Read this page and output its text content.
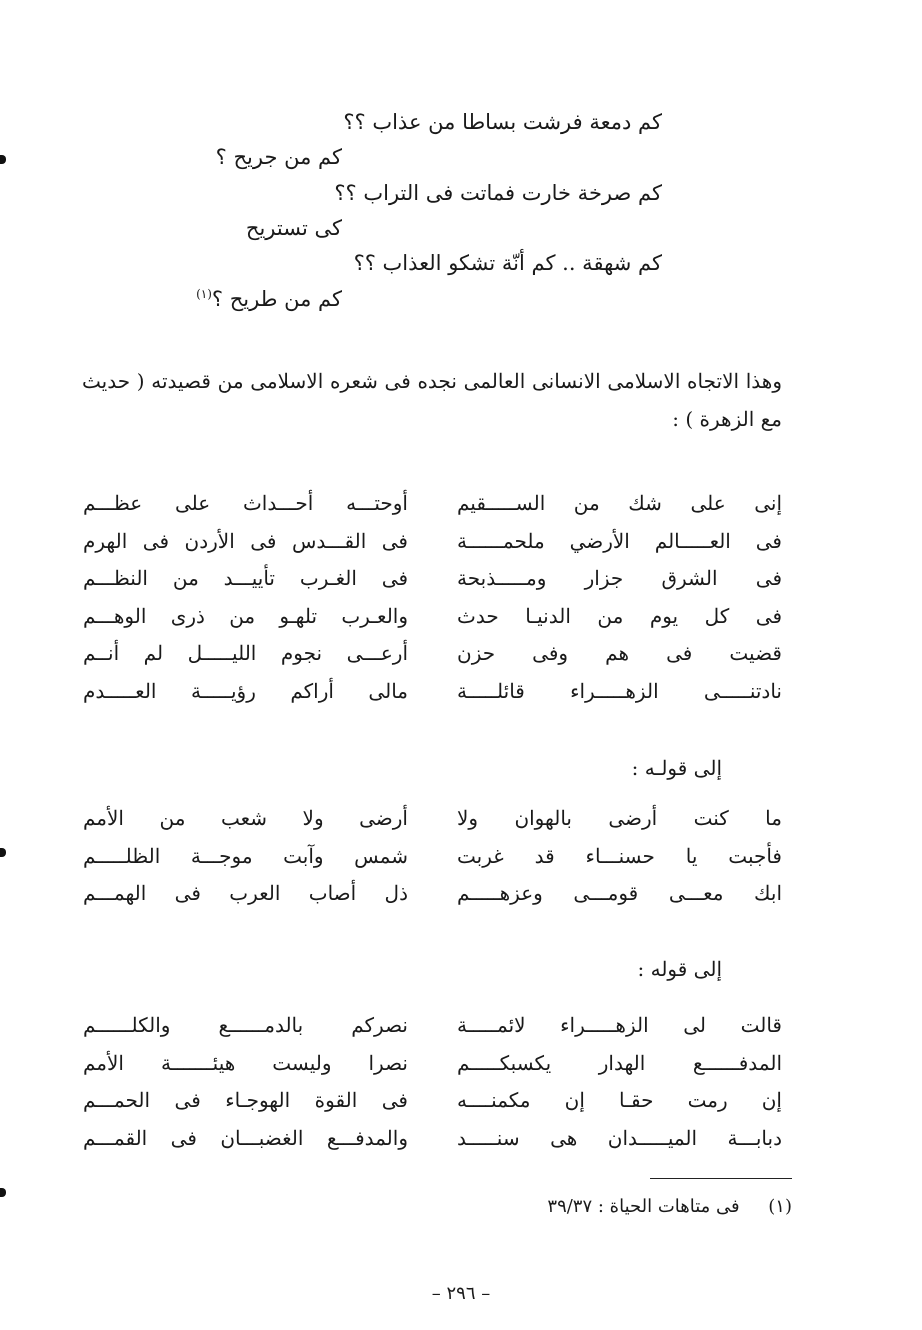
كم دمعة فرشت بساطا من عذاب ؟؟
كم من جريح ؟
كم صرخة خارت فماتت فى التراب ؟؟
كى تستريح
كم شهقة .. كم أنّة تشكو العذاب ؟؟
كم من طريح ؟$^{(١)}$
وهذا الاتجاه الاسلامى الانسانى العالمى نجده فى شعره الاسلامى من قصيدته ( حديث مع الزهرة ) :
إنى على شك من الســـــقيم
أوحتـــه أحـــداث على عظـــم
فى العـــــالم الأرضي ملحمــــــة
فى القـــدس فى الأردن فى الهرم
فى الشرق جزار ومـــــذبحة
فى الغـرب تأييـــد من النظـــم
فى كل يوم من الدنيـا حدث
والعـرب تلهـو من ذرى الوهـــم
قضيت فى هم وفى حزن
أرعـــى نجوم الليـــــل لم أنــم
نادتنـــــى الزهـــــراء قائلـــــة
مالى أراكم رؤيـــــة العـــــدم
إلى قولـه :
ما كنت أرضى بالهوان ولا
أرضى ولا شعب من الأمم
فأجبت يا حسنـــاء قد غربت
شمس وآبت موجـــة الظلـــــم
ابك معـــى قومـــى وعزهـــــم
ذل أصاب العرب فى الهمـــم
إلى قوله :
قالت لى الزهـــــراء لائمـــــة
نصركم بالدمــــــع والكلــــــم
المدفــــــع الهدار يكسبكـــــم
نصرا وليست هيئـــــــة الأمم
إن رمت حقـا إن مكمنــــه
فى القوة الهوجـاء فى الحمـــم
دبابـــة الميـــــدان هى سنـــــد
والمدفـــع الغضبـــان فى القمـــم
(١)     فى متاهات الحياة : ٣٩/٣٧
– ٢٩٦ –
